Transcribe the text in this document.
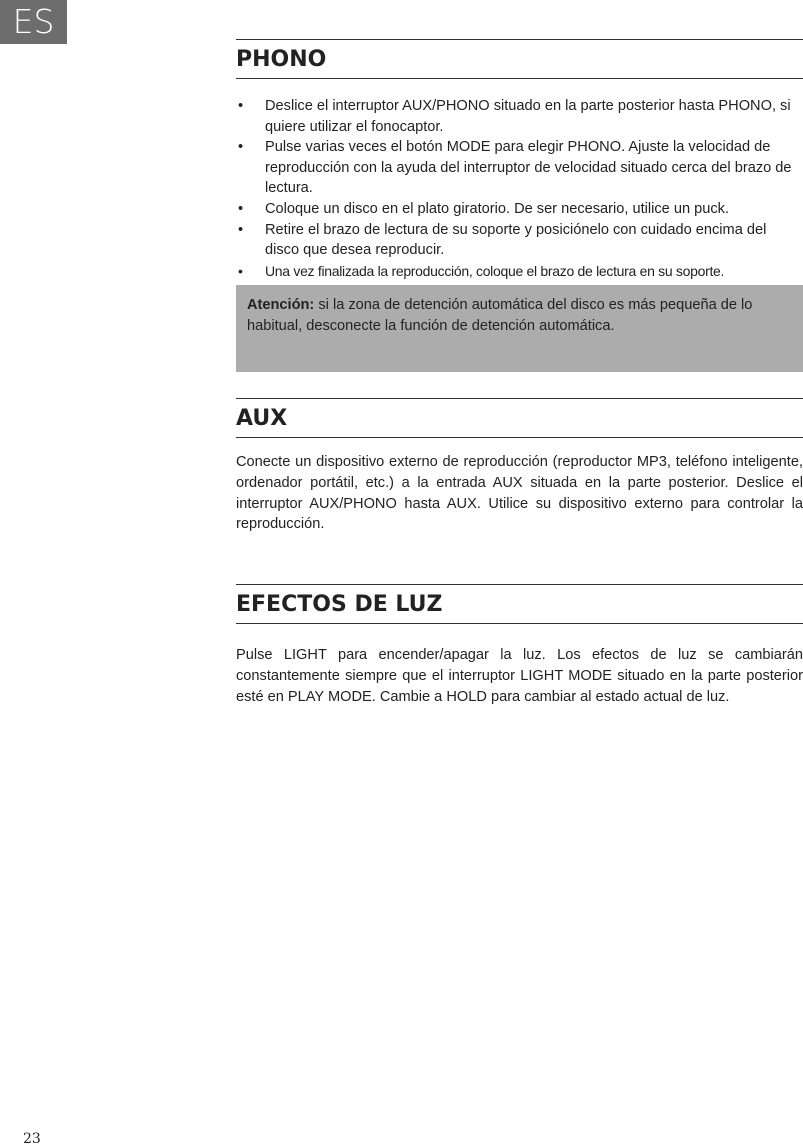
ES
PHONO
• Deslice el interruptor AUX/PHONO situado en la parte posterior hasta PHONO, si quiere utilizar el fonocaptor.
• Pulse varias veces el botón MODE para elegir PHONO. Ajuste la velocidad de reproducción con la ayuda del interruptor de velocidad situado cerca del brazo de lectura.
• Coloque un disco en el plato giratorio. De ser necesario, utilice un puck.
• Retire el brazo de lectura de su soporte y posiciónelo con cuidado encima del disco que desea reproducir.
• Una vez finalizada la reproducción, coloque el brazo de lectura en su soporte.
Atención: si la zona de detención automática del disco es más pequeña de lo habitual, desconecte la función de detención automática.
AUX
Conecte un dispositivo externo de reproducción (reproductor MP3, teléfono inteligente, ordenador portátil, etc.) a la entrada AUX situada en la parte posterior. Deslice el interruptor AUX/PHONO hasta AUX. Utilice su dispositivo externo para controlar la reproducción.
EFECTOS DE LUZ
Pulse LIGHT para encender/apagar la luz. Los efectos de luz se cambiarán constantemente siempre que el interruptor LIGHT MODE situado en la parte posterior esté en PLAY MODE. Cambie a HOLD para cambiar al estado actual de luz.
23
